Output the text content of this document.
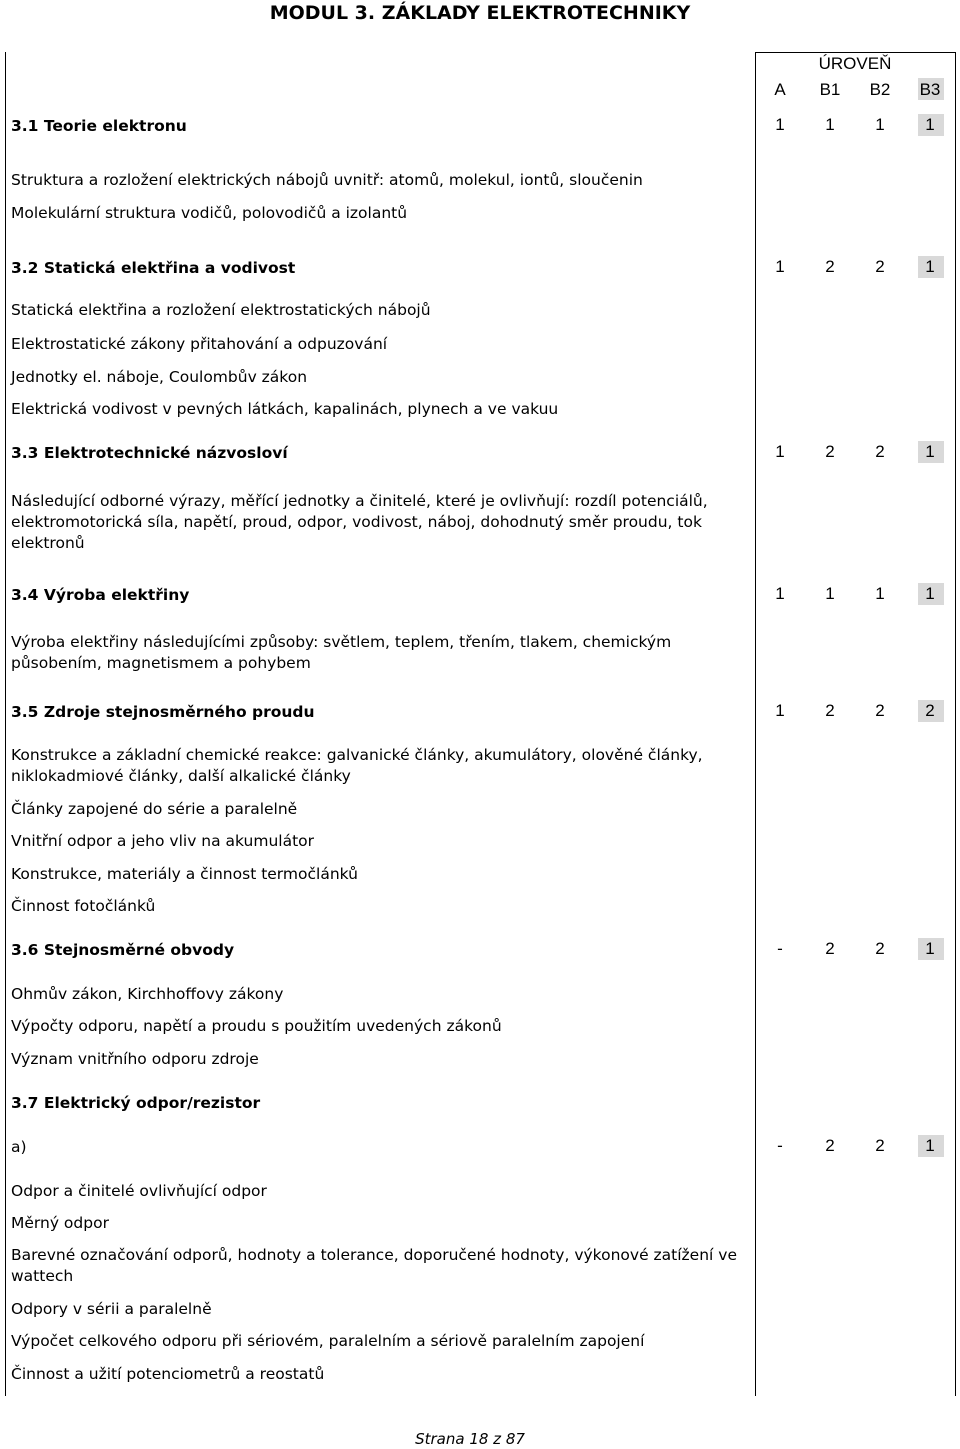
MODUL 3. ZÁKLADY ELEKTROTECHNIKY
ÚROVEŇ
A	B1	B2	B3
3.1 Teorie elektronu	1	1	1	1
Struktura a rozložení elektrických nábojů uvnitř: atomů, molekul, iontů, sloučenin
Molekulární struktura vodičů, polovodičů a izolantů
3.2 Statická elektřina a vodivost	1	2	2	1
Statická elektřina a rozložení elektrostatických nábojů
Elektrostatické zákony přitahování a odpuzování
Jednotky el. náboje, Coulombův zákon
Elektrická vodivost v pevných látkách, kapalinách, plynech a ve vakuu
3.3 Elektrotechnické názvosloví	1	2	2	1
Následující odborné výrazy, měřící jednotky a činitelé, které je ovlivňují: rozdíl potenciálů, elektromotorická síla, napětí, proud, odpor, vodivost, náboj, dohodnutý směr proudu, tok elektronů
3.4 Výroba elektřiny	1	1	1	1
Výroba elektřiny následujícími způsoby: světlem, teplem, třením, tlakem, chemickým působením, magnetismem a pohybem
3.5 Zdroje stejnosměrného proudu	1	2	2	2
Konstrukce a základní chemické reakce: galvanické články, akumulátory, olověné články, niklokadmiové články, další alkalické články
Články zapojené do série a paralelně
Vnitřní odpor a jeho vliv na akumulátor
Konstrukce, materiály a činnost termočlánků
Činnost fotočlánků
3.6 Stejnosměrné obvody	-	2	2	1
Ohmův zákon, Kirchhoffovy zákony
Výpočty odporu, napětí a proudu s použitím uvedených zákonů
Význam vnitřního odporu zdroje
3.7 Elektrický odpor/rezistor
a)	-	2	2	1
Odpor a činitelé ovlivňující odpor
Měrný odpor
Barevné označování odporů, hodnoty a tolerance, doporučené hodnoty, výkonové zatížení ve wattech
Odpory v sérii a paralelně
Výpočet celkového odporu při sériovém, paralelním a sériově paralelním zapojení
Činnost a užití potenciometrů a reostatů
Strana 18 z 87
